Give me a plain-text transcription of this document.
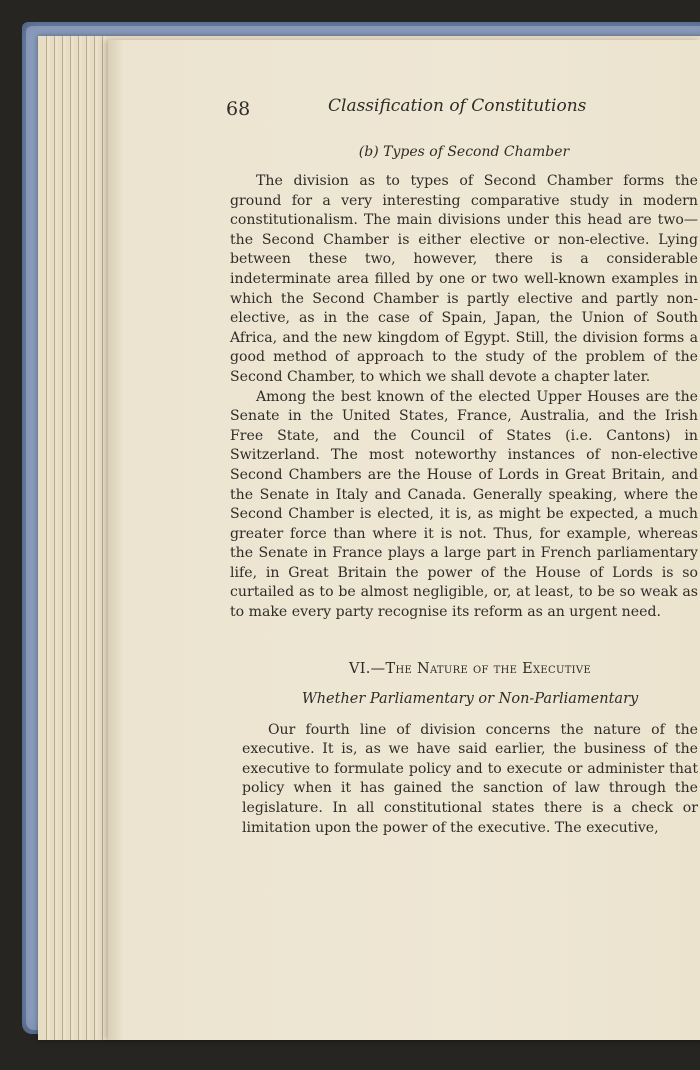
68	Classification of Constitutions
(b) Types of Second Chamber

The division as to types of Second Chamber forms the ground for a very interesting comparative study in modern constitutionalism. The main divisions under this head are two—the Second Chamber is either elective or non-elective. Lying between these two, however, there is a considerable indeterminate area filled by one or two well-known examples in which the Second Chamber is partly elective and partly non-elective, as in the case of Spain, Japan, the Union of South Africa, and the new kingdom of Egypt. Still, the division forms a good method of approach to the study of the problem of the Second Chamber, to which we shall devote a chapter later.

Among the best known of the elected Upper Houses are the Senate in the United States, France, Australia, and the Irish Free State, and the Council of States (i.e. Cantons) in Switzerland. The most noteworthy instances of non-elective Second Chambers are the House of Lords in Great Britain, and the Senate in Italy and Canada. Generally speaking, where the Second Chamber is elected, it is, as might be expected, a much greater force than where it is not. Thus, for example, whereas the Senate in France plays a large part in French parliamentary life, in Great Britain the power of the House of Lords is so curtailed as to be almost negligible, or, at least, to be so weak as to make every party recognise its reform as an urgent need.

VI.—The Nature of the Executive
Whether Parliamentary or Non-Parliamentary

Our fourth line of division concerns the nature of the executive. It is, as we have said earlier, the business of the executive to formulate policy and to execute or administer that policy when it has gained the sanction of law through the legislature. In all constitutional states there is a check or limitation upon the power of the executive. The executive,
